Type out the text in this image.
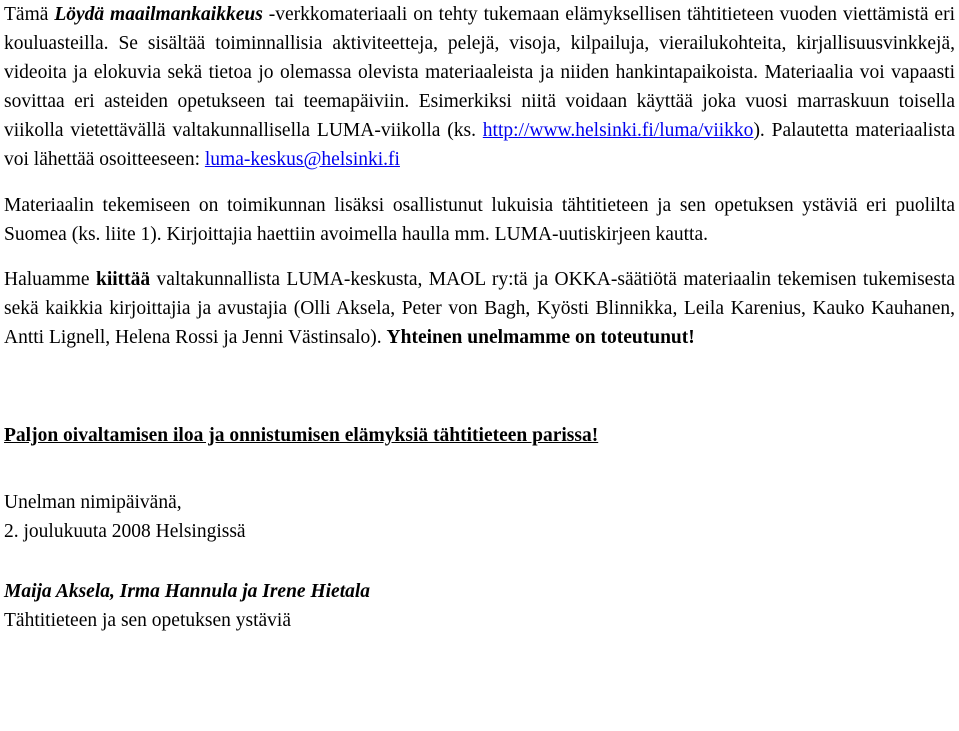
Tämä Löydä maailmankaikkeus -verkkomateriaali on tehty tukemaan elämyksellisen tähtitieteen vuoden viettämistä eri kouluasteilla. Se sisältää toiminnallisia aktiviteetteja, pelejä, visoja, kilpailuja, vierailukohteita, kirjallisuusvinkkejä, videoita ja elokuvia sekä tietoa jo olemassa olevista materiaaleista ja niiden hankintapaikoista. Materiaalia voi vapaasti sovittaa eri asteiden opetukseen tai teemapäiviin. Esimerkiksi niitä voidaan käyttää joka vuosi marraskuun toisella viikolla vietettävällä valtakunnallisella LUMA-viikolla (ks. http://www.helsinki.fi/luma/viikko). Palautetta materiaalista voi lähettää osoitteeseen: luma-keskus@helsinki.fi

Materiaalin tekemiseen on toimikunnan lisäksi osallistunut lukuisia tähtitieteen ja sen opetuksen ystäviä eri puolilta Suomea (ks. liite 1). Kirjoittajia haettiin avoimella haulla mm. LUMA-uutiskirjeen kautta.

Haluamme kiittää valtakunnallista LUMA-keskusta, MAOL ry:tä ja OKKA-säätiötä materiaalin tekemisen tukemisesta sekä kaikkia kirjoittajia ja avustajia (Olli Aksela, Peter von Bagh, Kyösti Blinnikka, Leila Karenius, Kauko Kauhanen, Antti Lignell, Helena Rossi ja Jenni Västinsalo). Yhteinen unelmamme on toteutunut!

Paljon oivaltamisen iloa ja onnistumisen elämyksiä tähtitieteen parissa!

Unelman nimipäivänä,

2. joulukuuta 2008 Helsingissä

Maija Aksela, Irma Hannula ja Irene Hietala

Tähtitieteen ja sen opetuksen ystäviä
